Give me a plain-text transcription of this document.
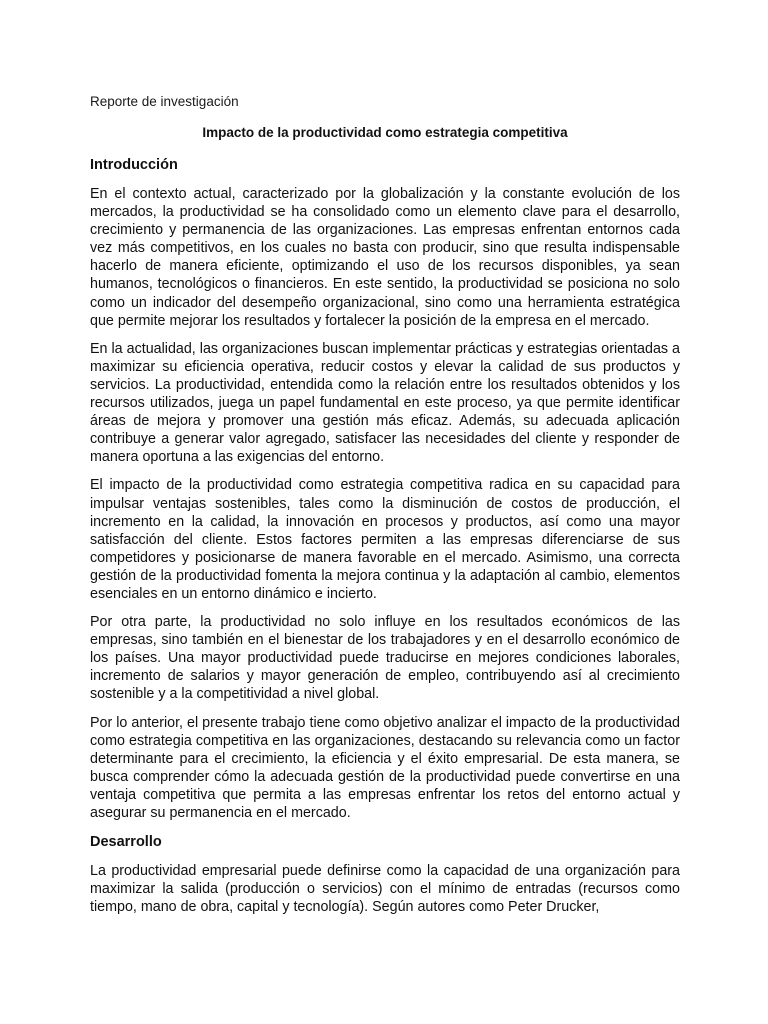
Reporte de investigación
Impacto de la productividad como estrategia competitiva
Introducción

En el contexto actual, caracterizado por la globalización y la constante evolución de los mercados, la productividad se ha consolidado como un elemento clave para el desarrollo, crecimiento y permanencia de las organizaciones. Las empresas enfrentan entornos cada vez más competitivos, en los cuales no basta con producir, sino que resulta indispensable hacerlo de manera eficiente, optimizando el uso de los recursos disponibles, ya sean humanos, tecnológicos o financieros. En este sentido, la productividad se posiciona no solo como un indicador del desempeño organizacional, sino como una herramienta estratégica que permite mejorar los resultados y fortalecer la posición de la empresa en el mercado.

En la actualidad, las organizaciones buscan implementar prácticas y estrategias orientadas a maximizar su eficiencia operativa, reducir costos y elevar la calidad de sus productos y servicios. La productividad, entendida como la relación entre los resultados obtenidos y los recursos utilizados, juega un papel fundamental en este proceso, ya que permite identificar áreas de mejora y promover una gestión más eficaz. Además, su adecuada aplicación contribuye a generar valor agregado, satisfacer las necesidades del cliente y responder de manera oportuna a las exigencias del entorno.

El impacto de la productividad como estrategia competitiva radica en su capacidad para impulsar ventajas sostenibles, tales como la disminución de costos de producción, el incremento en la calidad, la innovación en procesos y productos, así como una mayor satisfacción del cliente. Estos factores permiten a las empresas diferenciarse de sus competidores y posicionarse de manera favorable en el mercado. Asimismo, una correcta gestión de la productividad fomenta la mejora continua y la adaptación al cambio, elementos esenciales en un entorno dinámico e incierto.

Por otra parte, la productividad no solo influye en los resultados económicos de las empresas, sino también en el bienestar de los trabajadores y en el desarrollo económico de los países. Una mayor productividad puede traducirse en mejores condiciones laborales, incremento de salarios y mayor generación de empleo, contribuyendo así al crecimiento sostenible y a la competitividad a nivel global.

Por lo anterior, el presente trabajo tiene como objetivo analizar el impacto de la productividad como estrategia competitiva en las organizaciones, destacando su relevancia como un factor determinante para el crecimiento, la eficiencia y el éxito empresarial. De esta manera, se busca comprender cómo la adecuada gestión de la productividad puede convertirse en una ventaja competitiva que permita a las empresas enfrentar los retos del entorno actual y asegurar su permanencia en el mercado.

Desarrollo

La productividad empresarial puede definirse como la capacidad de una organización para maximizar la salida (producción o servicios) con el mínimo de entradas (recursos como tiempo, mano de obra, capital y tecnología). Según autores como Peter Drucker,
